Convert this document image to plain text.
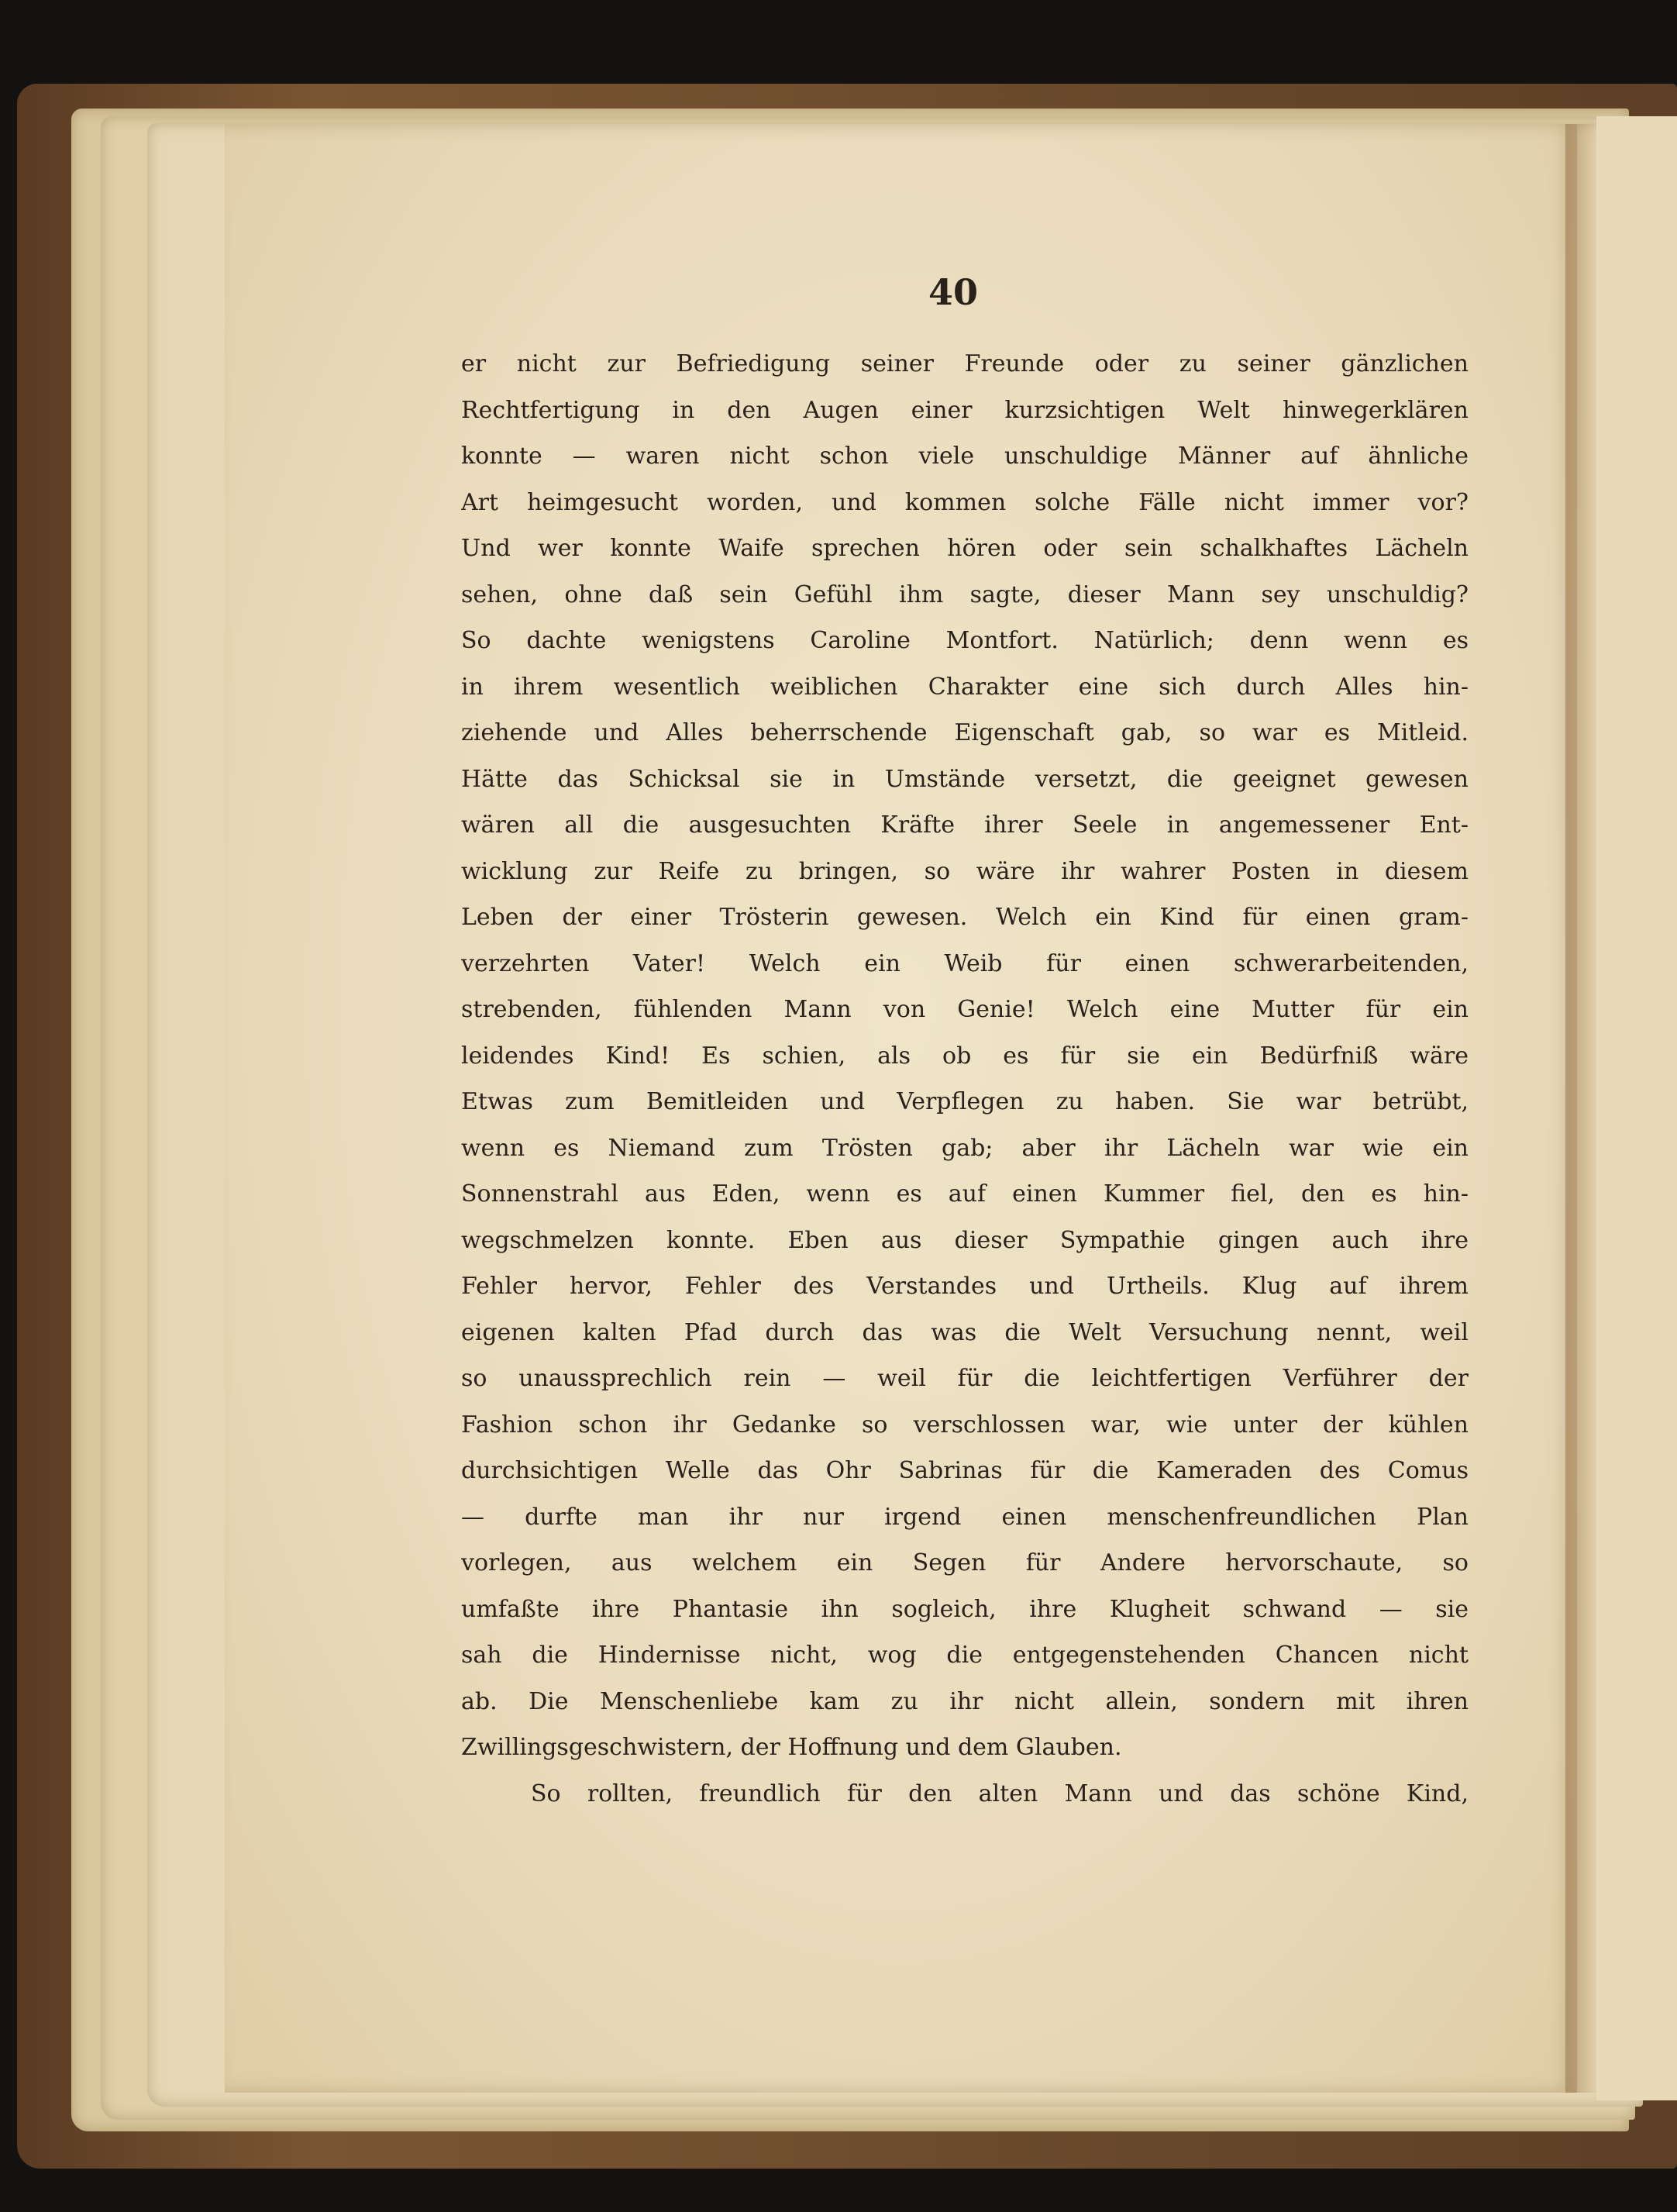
40
er nicht zur Befriedigung seiner Freunde oder zu seiner gänzlichen
Rechtfertigung in den Augen einer kurzsichtigen Welt hinwegerklären
konnte — waren nicht schon viele unschuldige Männer auf ähnliche
Art heimgesucht worden, und kommen solche Fälle nicht immer vor?
Und wer konnte Waife sprechen hören oder sein schalkhaftes Lächeln
sehen, ohne daß sein Gefühl ihm sagte, dieser Mann sey unschuldig?
So dachte wenigstens Caroline Montfort. Natürlich; denn wenn es
in ihrem wesentlich weiblichen Charakter eine sich durch Alles hin-
ziehende und Alles beherrschende Eigenschaft gab, so war es Mitleid.
Hätte das Schicksal sie in Umstände versetzt, die geeignet gewesen
wären all die ausgesuchten Kräfte ihrer Seele in angemessener Ent-
wicklung zur Reife zu bringen, so wäre ihr wahrer Posten in diesem
Leben der einer Trösterin gewesen. Welch ein Kind für einen gram-
verzehrten Vater! Welch ein Weib für einen schwerarbeitenden,
strebenden, fühlenden Mann von Genie! Welch eine Mutter für ein
leidendes Kind! Es schien, als ob es für sie ein Bedürfniß wäre
Etwas zum Bemitleiden und Verpflegen zu haben. Sie war betrübt,
wenn es Niemand zum Trösten gab; aber ihr Lächeln war wie ein
Sonnenstrahl aus Eden, wenn es auf einen Kummer fiel, den es hin-
wegschmelzen konnte. Eben aus dieser Sympathie gingen auch ihre
Fehler hervor, Fehler des Verstandes und Urtheils. Klug auf ihrem
eigenen kalten Pfad durch das was die Welt Versuchung nennt, weil
so unaussprechlich rein — weil für die leichtfertigen Verführer der
Fashion schon ihr Gedanke so verschlossen war, wie unter der kühlen
durchsichtigen Welle das Ohr Sabrinas für die Kameraden des Comus
— durfte man ihr nur irgend einen menschenfreundlichen Plan
vorlegen, aus welchem ein Segen für Andere hervorschaute, so
umfaßte ihre Phantasie ihn sogleich, ihre Klugheit schwand — sie
sah die Hindernisse nicht, wog die entgegenstehenden Chancen nicht
ab. Die Menschenliebe kam zu ihr nicht allein, sondern mit ihren
Zwillingsgeschwistern, der Hoffnung und dem Glauben.
So rollten, freundlich für den alten Mann und das schöne Kind,
